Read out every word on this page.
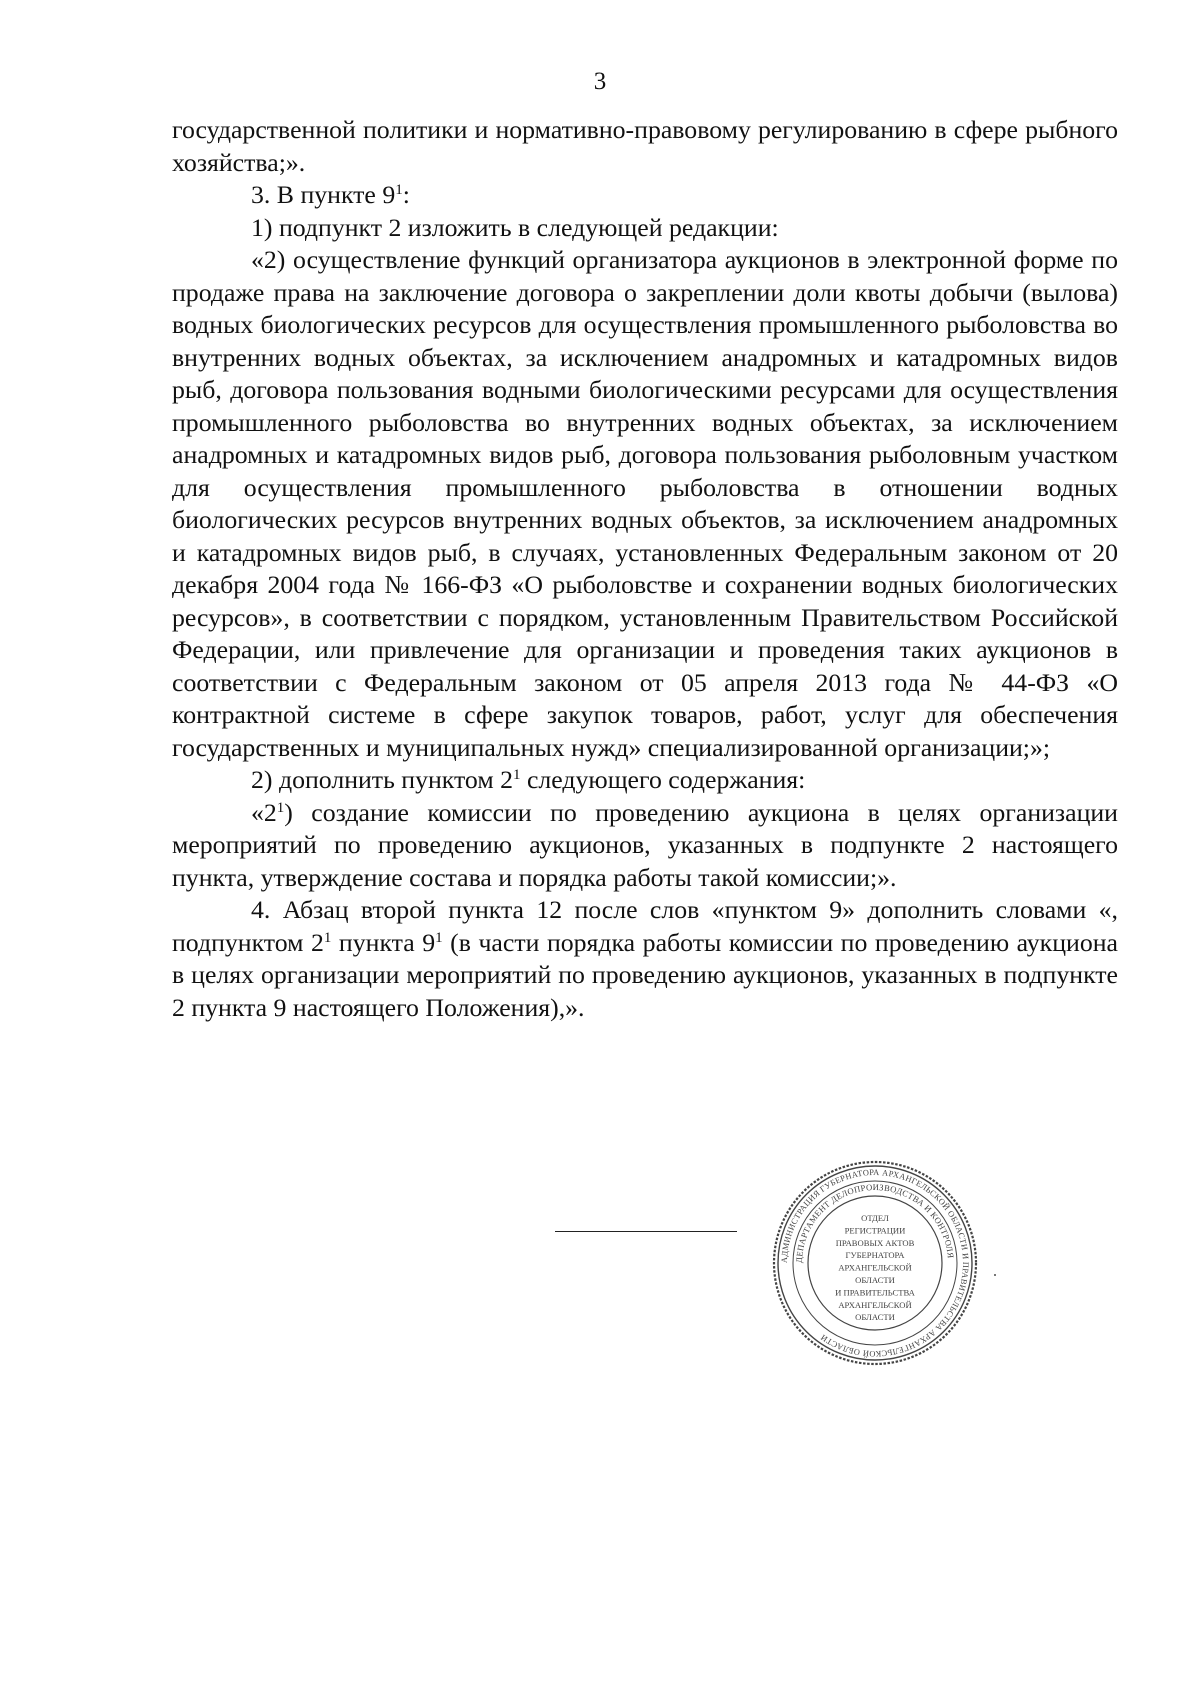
3

государственной политики и нормативно-правовому регулированию в сфере рыбного хозяйства;».

3. В пункте $9^1$:

1) подпункт 2 изложить в следующей редакции:

«2) осуществление функций организатора аукционов в электронной форме по продаже права на заключение договора о закреплении доли квоты добычи (вылова) водных биологических ресурсов для осуществления промышленного рыболовства во внутренних водных объектах, за исключением анадромных и катадромных видов рыб, договора пользования водными биологическими ресурсами для осуществления промышленного рыболовства во внутренних водных объектах, за исключением анадромных и катадромных видов рыб, договора пользования рыболовным участком для осуществления промышленного рыболовства в отношении водных биологических ресурсов внутренних водных объектов, за исключением анадромных и катадромных видов рыб, в случаях, установленных Федеральным законом от 20 декабря 2004 года № 166-ФЗ «О рыболовстве и сохранении водных биологических ресурсов», в соответствии с порядком, установленным Правительством Российской Федерации, или привлечение для организации и проведения таких аукционов в соответствии с Федеральным законом от 05 апреля 2013 года № 44-ФЗ «О контрактной системе в сфере закупок товаров, работ, услуг для обеспечения государственных и муниципальных нужд» специализированной организации;»;

2) дополнить пунктом $2^1$ следующего содержания:

«$2^1$) создание комиссии по проведению аукциона в целях организации мероприятий по проведению аукционов, указанных в подпункте 2 настоящего пункта, утверждение состава и порядка работы такой комиссии;».

4. Абзац второй пункта 12 после слов «пунктом 9» дополнить словами «, подпунктом $2^1$ пункта $9^1$ (в части порядка работы комиссии по проведению аукциона в целях организации мероприятий по проведению аукционов, указанных в подпункте 2 пункта 9 настоящего Положения),».

АДМИНИСТРАЦИЯ ГУБЕРНАТОРА АРХАНГЕЛЬСКОЙ ОБЛАСТИ И ПРАВИТЕЛЬСТВА АРХАНГЕЛЬСКОЙ ОБЛАСТИ
ДЕПАРТАМЕНТ ДЕЛОПРОИЗВОДСТВА И КОНТРОЛЯ
ОТДЕЛ
РЕГИСТРАЦИИ
ПРАВОВЫХ АКТОВ
ГУБЕРНАТОРА
АРХАНГЕЛЬСКОЙ
ОБЛАСТИ
И ПРАВИТЕЛЬСТВА
АРХАНГЕЛЬСКОЙ
ОБЛАСТИ
